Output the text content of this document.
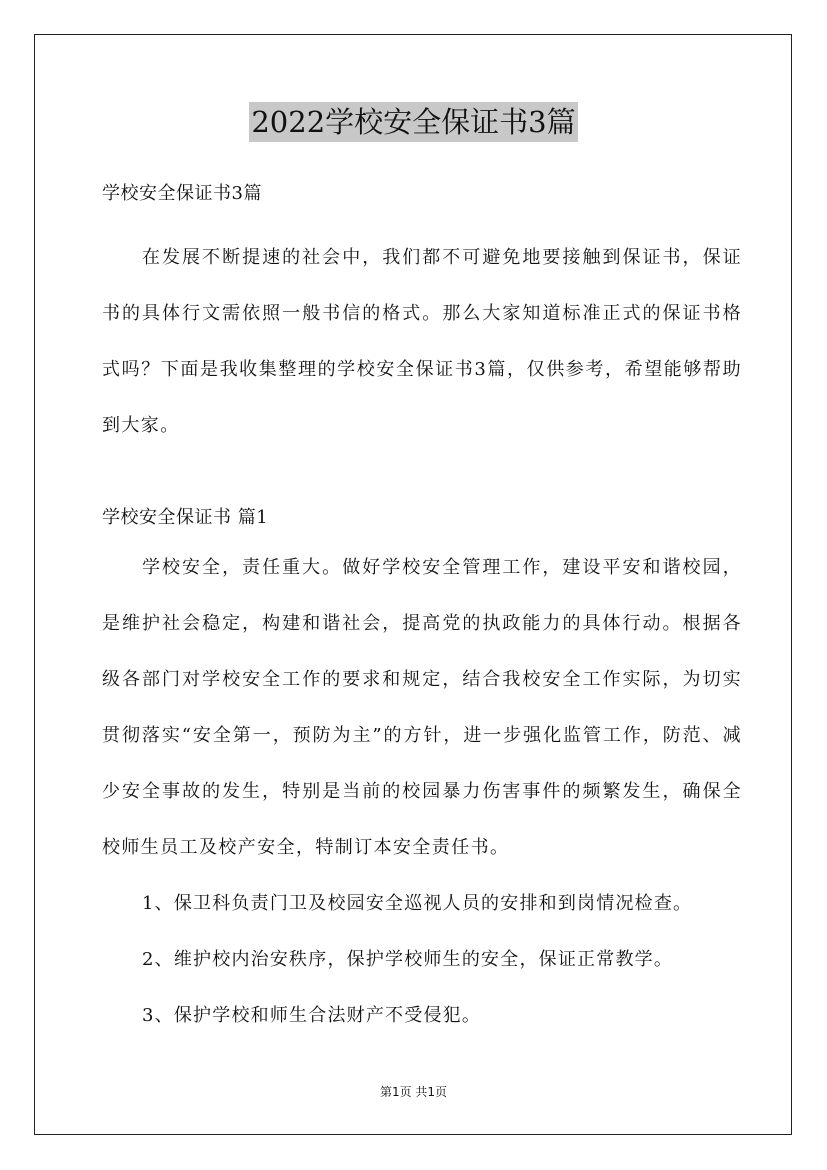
2022学校安全保证书3篇
学校安全保证书3篇

在发展不断提速的社会中，我们都不可避免地要接触到保证书，保证书的具体行文需依照一般书信的格式。那么大家知道标准正式的保证书格式吗？下面是我收集整理的学校安全保证书3篇，仅供参考，希望能够帮助到大家。

学校安全保证书 篇1

学校安全，责任重大。做好学校安全管理工作，建设平安和谐校园，是维护社会稳定，构建和谐社会，提高党的执政能力的具体行动。根据各级各部门对学校安全工作的要求和规定，结合我校安全工作实际，为切实贯彻落实“安全第一，预防为主”的方针，进一步强化监管工作，防范、减少安全事故的发生，特别是当前的校园暴力伤害事件的频繁发生，确保全校师生员工及校产安全，特制订本安全责任书。

1、保卫科负责门卫及校园安全巡视人员的安排和到岗情况检查。
2、维护校内治安秩序，保护学校师生的安全，保证正常教学。
3、保护学校和师生合法财产不受侵犯。
第1页 共1页
